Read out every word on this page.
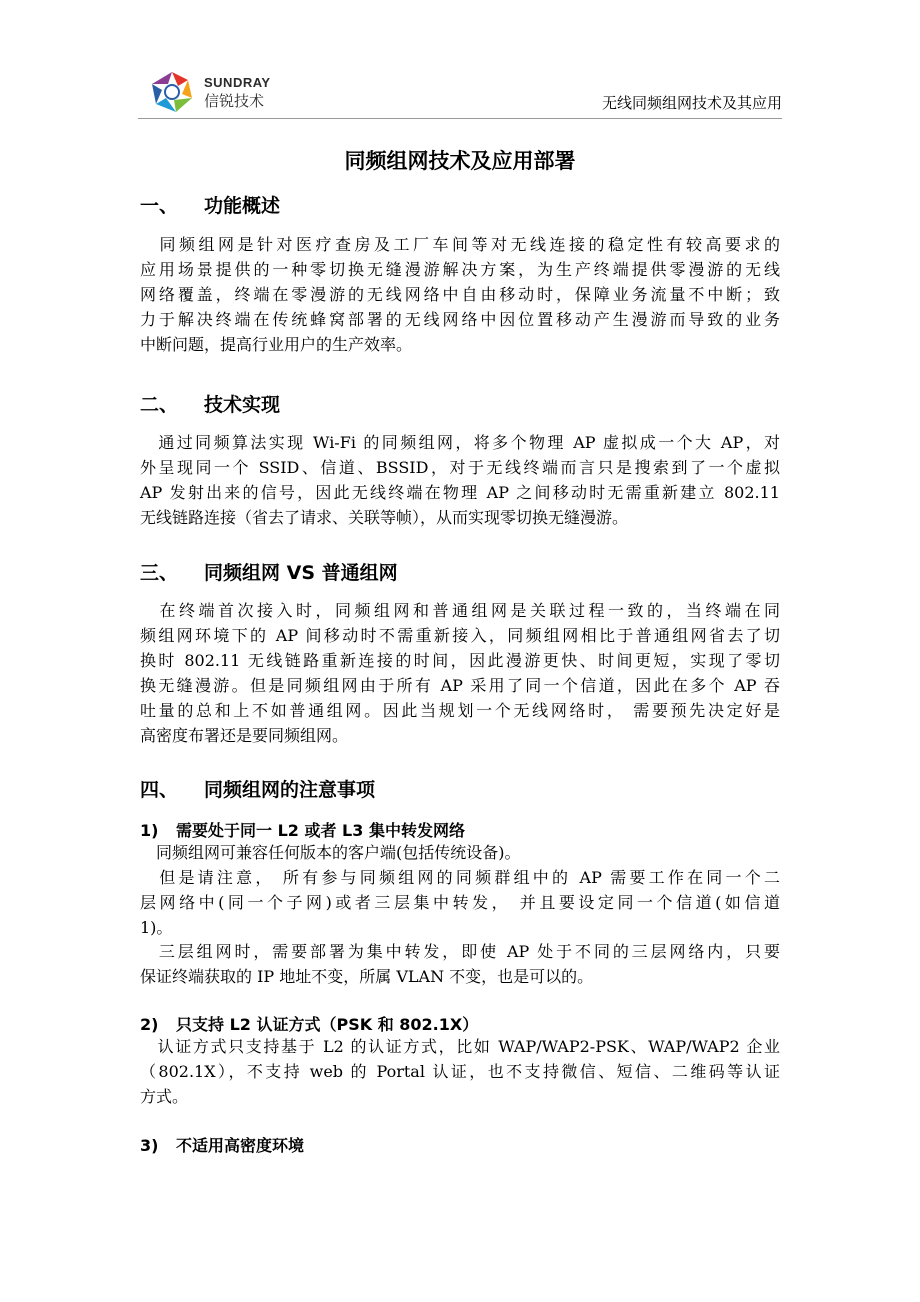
SUNDRAY
信锐技术	无线同频组网技术及其应用
同频组网技术及应用部署
一、 功能概述
　同频组网是针对医疗查房及工厂车间等对无线连接的稳定性有较高要求的
应用场景提供的一种零切换无缝漫游解决方案，为生产终端提供零漫游的无线
网络覆盖，终端在零漫游的无线网络中自由移动时，保障业务流量不中断；致
力于解决终端在传统蜂窝部署的无线网络中因位置移动产生漫游而导致的业务
中断问题，提高行业用户的生产效率。
二、 技术实现
　通过同频算法实现 Wi-Fi 的同频组网，将多个物理 AP 虚拟成一个大 AP，对
外呈现同一个 SSID、信道、BSSID，对于无线终端而言只是搜索到了一个虚拟
AP 发射出来的信号，因此无线终端在物理 AP 之间移动时无需重新建立 802.11
无线链路连接（省去了请求、关联等帧），从而实现零切换无缝漫游。
三、 同频组网 VS 普通组网
　在终端首次接入时，同频组网和普通组网是关联过程一致的，当终端在同
频组网环境下的 AP 间移动时不需重新接入，同频组网相比于普通组网省去了切
换时 802.11 无线链路重新连接的时间，因此漫游更快、时间更短，实现了零切
换无缝漫游。但是同频组网由于所有 AP 采用了同一个信道，因此在多个 AP 吞
吐量的总和上不如普通组网。因此当规划一个无线网络时， 需要预先决定好是
高密度布署还是要同频组网。
四、 同频组网的注意事项
1) 需要处于同一 L2 或者 L3 集中转发网络
　同频组网可兼容任何版本的客户端(包括传统设备)。
　但是请注意， 所有参与同频组网的同频群组中的 AP 需要工作在同一个二
层网络中(同一个子网)或者三层集中转发， 并且要设定同一个信道(如信道
1)。
　三层组网时，需要部署为集中转发，即使 AP 处于不同的三层网络内，只要
保证终端获取的 IP 地址不变，所属 VLAN 不变，也是可以的。
2) 只支持 L2 认证方式（PSK 和 802.1X）
　认证方式只支持基于 L2 的认证方式，比如 WAP/WAP2-PSK、WAP/WAP2 企业
（802.1X），不支持 web 的 Portal 认证，也不支持微信、短信、二维码等认证
方式。
3) 不适用高密度环境
